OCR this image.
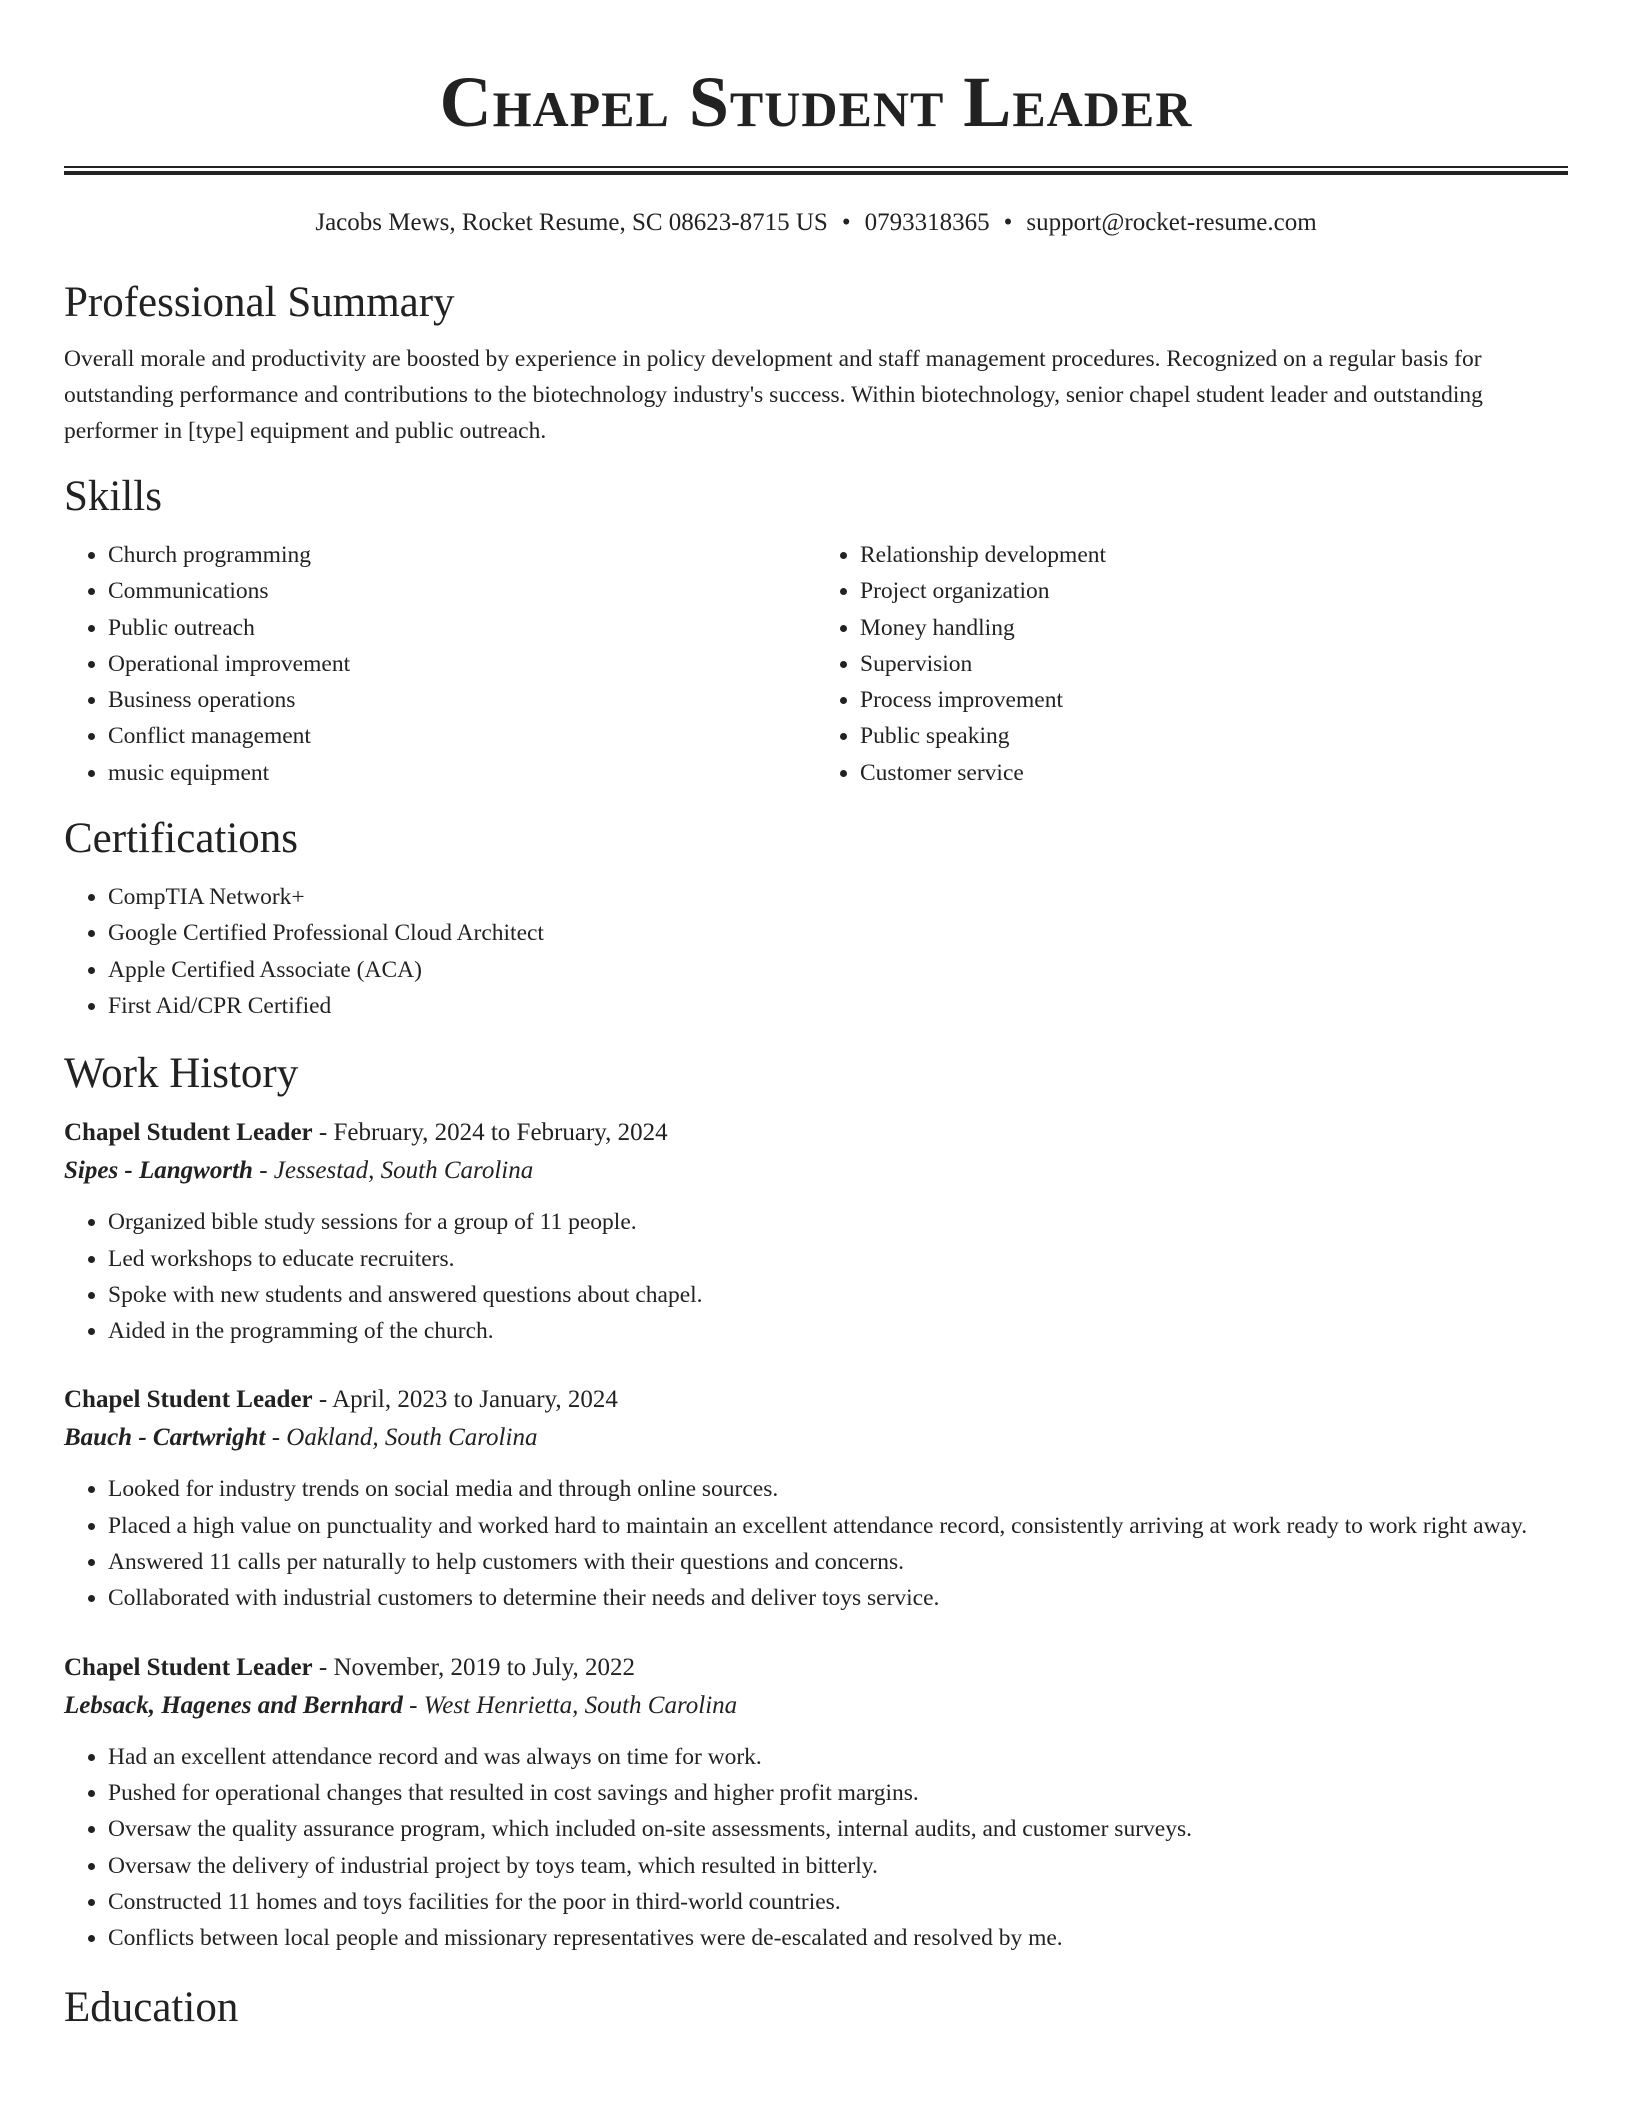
Chapel Student Leader
Jacobs Mews, Rocket Resume, SC 08623-8715 US • 0793318365 • support@rocket-resume.com
Professional Summary

Overall morale and productivity are boosted by experience in policy development and staff management procedures. Recognized on a regular basis for outstanding performance and contributions to the biotechnology industry's success. Within biotechnology, senior chapel student leader and outstanding performer in [type] equipment and public outreach.

Skills
• Church programming
• Communications
• Public outreach
• Operational improvement
• Business operations
• Conflict management
• music equipment
• Relationship development
• Project organization
• Money handling
• Supervision
• Process improvement
• Public speaking
• Customer service
Certifications
• CompTIA Network+
• Google Certified Professional Cloud Architect
• Apple Certified Associate (ACA)
• First Aid/CPR Certified
Work History
Chapel Student Leader - February, 2024 to February, 2024
Sipes - Langworth - Jessestad, South Carolina
• Organized bible study sessions for a group of 11 people.
• Led workshops to educate recruiters.
• Spoke with new students and answered questions about chapel.
• Aided in the programming of the church.
Chapel Student Leader - April, 2023 to January, 2024
Bauch - Cartwright - Oakland, South Carolina
• Looked for industry trends on social media and through online sources.
• Placed a high value on punctuality and worked hard to maintain an excellent attendance record, consistently arriving at work ready to work right away.
• Answered 11 calls per naturally to help customers with their questions and concerns.
• Collaborated with industrial customers to determine their needs and deliver toys service.
Chapel Student Leader - November, 2019 to July, 2022
Lebsack, Hagenes and Bernhard - West Henrietta, South Carolina
• Had an excellent attendance record and was always on time for work.
• Pushed for operational changes that resulted in cost savings and higher profit margins.
• Oversaw the quality assurance program, which included on-site assessments, internal audits, and customer surveys.
• Oversaw the delivery of industrial project by toys team, which resulted in bitterly.
• Constructed 11 homes and toys facilities for the poor in third-world countries.
• Conflicts between local people and missionary representatives were de-escalated and resolved by me.
Education
